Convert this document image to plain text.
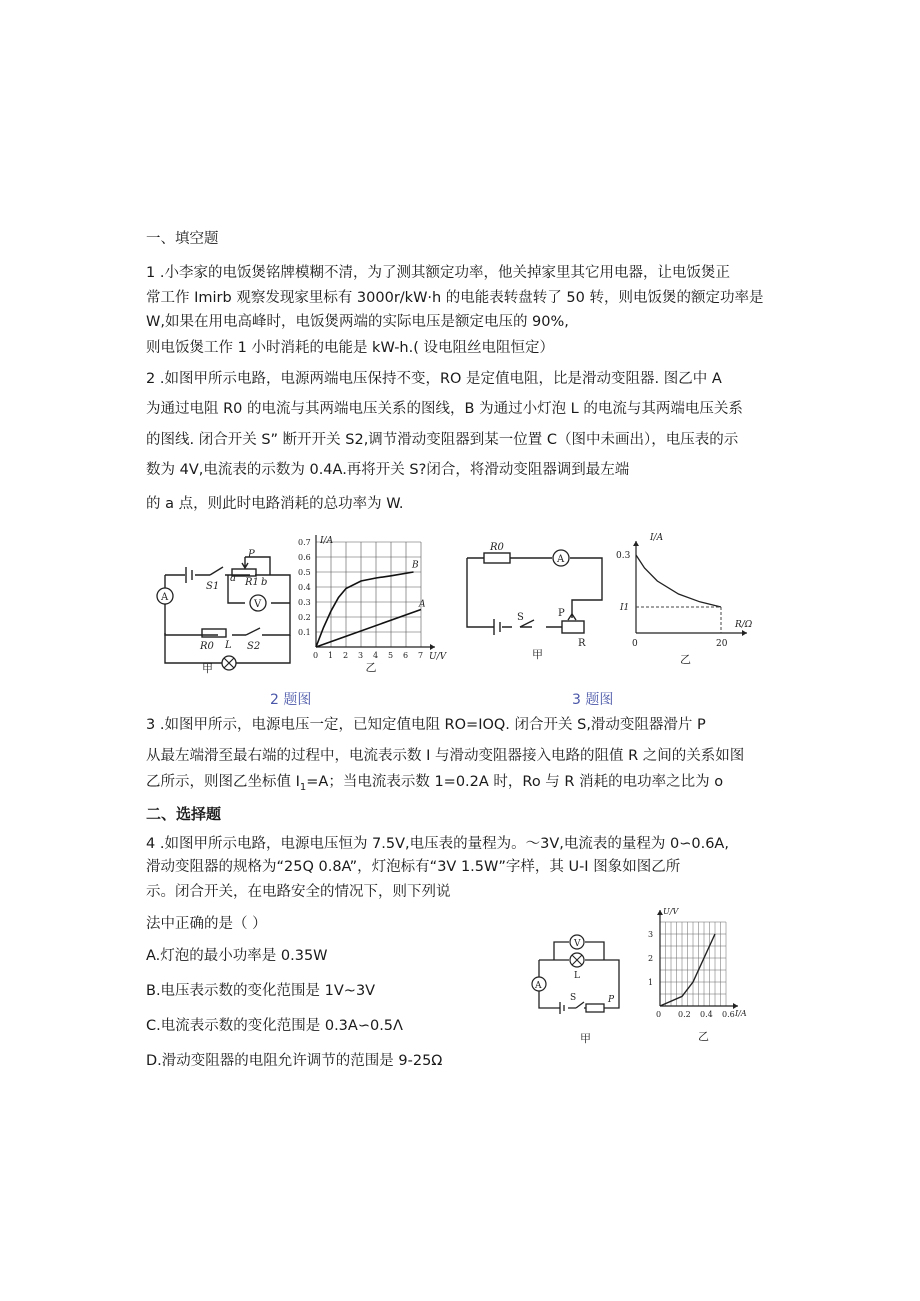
一、填空题
1 .小李家的电饭煲铭牌模糊不清，为了测其额定功率，他关掉家里其它用电器，让电饭煲正
常工作 Imirb 观察发现家里标有 3000r/kW·h 的电能表转盘转了 50 转，则电饭煲的额定功率是
W,如果在用电高峰时，电饭煲两端的实际电压是额定电压的 90%,
则电饭煲工作 1 小时消耗的电能是 kW-h.( 设电阻丝电阻恒定）
2 .如图甲所示电路，电源两端电压保持不变，RO 是定值电阻，比是滑动变阻器. 图乙中 A
为通过电阻 R0 的电流与其两端电压关系的图线，B 为通过小灯泡 L 的电流与其两端电压关系
的图线. 闭合开关 S” 断开开关 S2,调节滑动变阻器到某一位置 C（图中未画出），电压表的示
数为 4V,电流表的示数为 0.4A.再将开关 S?闭合，将滑动变阻器调到最左端
的 a 点，则此时电路消耗的总功率为 W.
A
V
S1
P
a	b
R1
R0	S2
L
甲
0.1
0.2
0.3
0.4
0.5
0.6
0.7
0 1 2 3 4 5 6 7
I/A
U/V
乙
A
B
A
R0
P
S
R
甲
I/A
R/Ω
0.3
I1
0	20
乙
2 题图	3 题图
3 .如图甲所示，电源电压一定，已知定值电阻 RO=IOQ. 闭合开关 S,滑动变阻器滑片 P
从最左端滑至最右端的过程中，电流表示数 I 与滑动变阻器接入电路的阻值 R 之间的关系如图
乙所示，则图乙坐标值 $I_1=A$；当电流表示数 1=0.2A 时，Ro 与 R 消耗的电功率之比为 o
二、选择题
4 .如图甲所示电路，电源电压恒为 7.5V,电压表的量程为。～3V,电流表的量程为 0∽0.6A,
滑动变阻器的规格为“25Q 0.8A”，灯泡标有“3V 1.5W”字样，其 U-I 图象如图乙所
示。闭合开关，在电路安全的情况下，则下列说
法中正确的是（ ）
A.灯泡的最小功率是 0.35W
B.电压表示数的变化范围是 1V~3V
C.电流表示数的变化范围是 0.3A∽0.5Λ
D.滑动变阻器的电阻允许调节的范围是 9-25Ω
V
A
L
S	P
甲
1
2
3
0 0.2 0.4 0.6
U/V
I/A
乙
